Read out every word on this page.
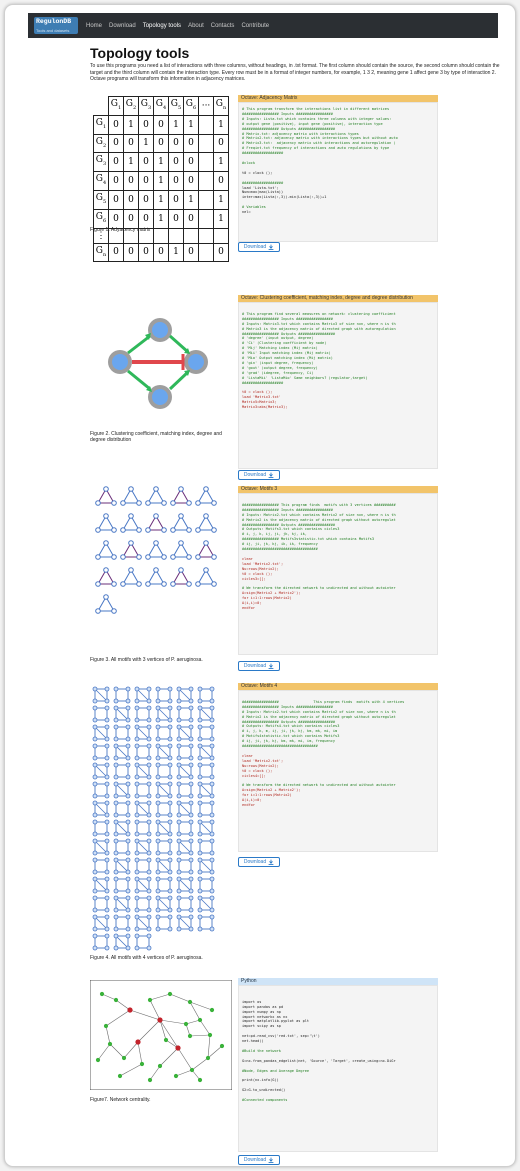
RegulonDB
Tools and datasets
Home Download Topology tools About Contacts Contribute
Topology tools

To use this programs you need a list of interactions with three columns, without headings, in .txt format. The first column should contain the source, the second column should contain the target and the third column will contain the interaction type. Every row must be in a format of integer numbers, for example, 1 3 2, meaning gene 1 affect gene 3 by type of interaction 2. Octave programs will transform this information in adjacency matrices.

	$G_1$	$G_2$	$G_3$	$G_4$	$G_5$	$G_6$	···	$G_n$
$G_1$	0	1	0	0	1	1		1
$G_2$	0	0	1	0	0	0		0
$G_3$	0	1	0	1	0	0		1
$G_4$	0	0	0	1	0	0		0
$G_5$	0	0	0	1	0	1		1
$G_6$	0	0	0	1	0	0		1
⋮								
$G_n$	0	0	0	0	1	0		0
Figure 1. Adyacency matrix
Figure 2. Clustering coefficient, matching index, degree and degree distribution
Figure 3. All motifs with 3 vertices of P. aeruginosa.
Figure 4. All motifs with 4 vertices of P. aeruginosa.
Figure7. Network centrality.
Octave: Adjacency Matrix
# This program transform the interactions list in different matrices
################# Inputs #################
# Inputs: Lista.txt which contains three columns with integer values:
# output gene (positive), input gene (positive), interaction type
################# Outputs #################
# Matrix.txt: adjacency matrix with interactions types
# Matrix2.txt: adjacency matrix with interactions types but without auto
# Matrix3.txt:  adjacency matrix with interactions and autoregulation (
# Freqint.txt frequency of interactions and auto regulations by type
###################

#clock

t0 = clock ();

###################
load 'Lista.txt';
Num=max(max(Lista))
inter=max(Lista(:,3))-min(Lista(:,3))+1

# Variables
nel=
Download
Octave: Clustering coefficient, matching index, degree and degree distribution

# This program find several measures on network: clustering coefficient
################# Inputs #################
# Inputs: Matrix3.txt which contains Matrix3 of size nxn, where n is th
# Matrix3 is the adjacency matrix of directed graph with autoregulation
################# Outputs #################
# 'degree' (input output, degree)
# 'Ci' (Clustering coefficient by node)
# 'Mij' Matching index (Mij matrix)
# 'Mii' Input matching index (Mij matrix)
# 'Mio' Output matching index (Mij matrix)
# 'gin' (input degree, frequency)
# 'gout' (output degree, frequency)
# 'grad' (idegree, frequency, Ci)
# 'ListaMii' 'ListaMio' Same neighbors? (regulator,target)
###################

t0 = clock ();
load 'Matrix3.txt'
Matrix5=Matrix3;
Matrix3=abs(Matrix3);
Download
Octave: Motifs 3

################# This program finds  motifs with 3 vertices ##########
################# Inputs #################
# Inputs: Matrix2.txt which contains Matrix2 of size nxn, where n is th
# Matrix2 is the adjacency matrix of directed graph without autoregulat
################# Outputs #################
# Outputs: Motifs3.txt which contains cicles3
# i, j, k, ij, ji, jk, kj, ik,
################# Motifs3statistic.txt which contains Motifs3
# ij, ji, jk, kj, ik, ik, frequency
###################################

clear
load 'Matrix2.txt';
Nu=rows(Matrix2);
t0 = clock ();
cicles3=[];

# We transform the directed network to undirected and without autointer
A=sign(Matrix2 + Matrix2');
for i=1:1:rows(Matrix2)
A(i,i)=0;
endfor
Download
Octave: Motifs 4

#################                This program finds  motifs with 4 vertices
################# Inputs #################
# Inputs: Matrix2.txt which contains Matrix2 of size nxn, where n is th
# Matrix2 is the adjacency matrix of directed graph without autoregulat
################# Outputs #################
# Outputs: Motifs4.txt which contains cicles3
# i, j, k, m, ij, ji, jk, kj, km, mk, mi, im
# Motifs4statistic.txt which contains Motifs3
# ij, ji, jk, kj, km, mk, mi, im, frequency
###################################

clear
load 'Matrix2.txt';
Nu=rows(Matrix2);
t0 = clock ();
cicles4=[];

# We transform the directed network to undirected and without autointer
A=sign(Matrix2 + Matrix2');
for i=1:1:rows(Matrix2)
A(i,i)=0;
endfor
Download
Python

import os
import pandas as pd
import numpy as np
import networkx as nx
import matplotlib.pyplot as plt
import scipy as sp

net=pd.read_csv('red.txt', sep='\t')
net.head()

#Build the network

G=nx.from_pandas_edgelist(net, 'Source', 'Target', create_using=nx.DiGr

#Node, Edges and Average Degree

print(nx.info(G))

G2=G.to_undirected()

#Connected components
Download
